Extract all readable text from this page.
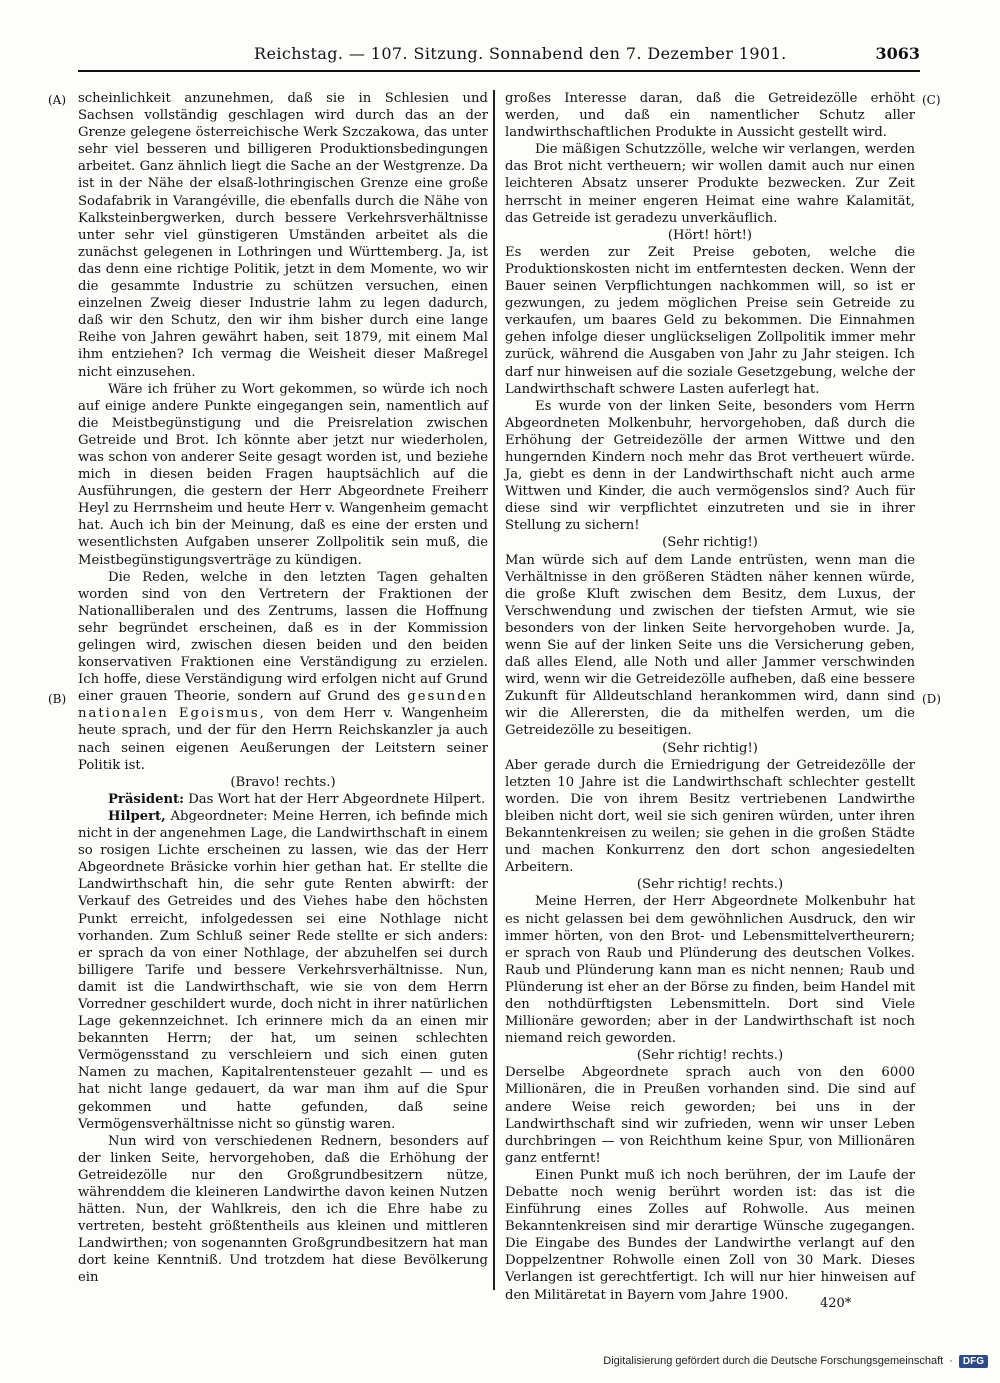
Reichstag. — 107. Sitzung. Sonnabend den 7. Dezember 1901.	3063
(A)
(B)
(C)
(D)

scheinlichkeit anzunehmen, daß sie in Schlesien und Sachsen vollständig geschlagen wird durch das an der Grenze gelegene österreichische Werk Szczakowa, das unter sehr viel besseren und billigeren Produktionsbedingungen arbeitet. Ganz ähnlich liegt die Sache an der Westgrenze. Da ist in der Nähe der elsaß-lothringischen Grenze eine große Sodafabrik in Varangéville, die ebenfalls durch die Nähe von Kalksteinbergwerken, durch bessere Verkehrsverhältnisse unter sehr viel günstigeren Umständen arbeitet als die zunächst gelegenen in Lothringen und Württemberg. Ja, ist das denn eine richtige Politik, jetzt in dem Momente, wo wir die gesammte Industrie zu schützen versuchen, einen einzelnen Zweig dieser Industrie lahm zu legen dadurch, daß wir den Schutz, den wir ihm bisher durch eine lange Reihe von Jahren gewährt haben, seit 1879, mit einem Mal ihm entziehen? Ich vermag die Weisheit dieser Maßregel nicht einzusehen.

Wäre ich früher zu Wort gekommen, so würde ich noch auf einige andere Punkte eingegangen sein, namentlich auf die Meistbegünstigung und die Preisrelation zwischen Getreide und Brot. Ich könnte aber jetzt nur wiederholen, was schon von anderer Seite gesagt worden ist, und beziehe mich in diesen beiden Fragen hauptsächlich auf die Ausführungen, die gestern der Herr Abgeordnete Freiherr Heyl zu Herrnsheim und heute Herr v. Wangenheim gemacht hat. Auch ich bin der Meinung, daß es eine der ersten und wesentlichsten Aufgaben unserer Zollpolitik sein muß, die Meistbegünstigungsverträge zu kündigen.

Die Reden, welche in den letzten Tagen gehalten worden sind von den Vertretern der Fraktionen der Nationalliberalen und des Zentrums, lassen die Hoffnung sehr begründet erscheinen, daß es in der Kommission gelingen wird, zwischen diesen beiden und den beiden konservativen Fraktionen eine Verständigung zu erzielen. Ich hoffe, diese Verständigung wird erfolgen nicht auf Grund einer grauen Theorie, sondern auf Grund des gesunden nationalen Egoismus, von dem Herr v. Wangenheim heute sprach, und der für den Herrn Reichskanzler ja auch nach seinen eigenen Aeußerungen der Leitstern seiner Politik ist.

(Bravo! rechts.)

Präsident: Das Wort hat der Herr Abgeordnete Hilpert.

Hilpert, Abgeordneter: Meine Herren, ich befinde mich nicht in der angenehmen Lage, die Landwirthschaft in einem so rosigen Lichte erscheinen zu lassen, wie das der Herr Abgeordnete Bräsicke vorhin hier gethan hat. Er stellte die Landwirthschaft hin, die sehr gute Renten abwirft: der Verkauf des Getreides und des Viehes habe den höchsten Punkt erreicht, infolgedessen sei eine Nothlage nicht vorhanden. Zum Schluß seiner Rede stellte er sich anders: er sprach da von einer Nothlage, der abzuhelfen sei durch billigere Tarife und bessere Verkehrsverhältnisse. Nun, damit ist die Landwirthschaft, wie sie von dem Herrn Vorredner geschildert wurde, doch nicht in ihrer natürlichen Lage gekennzeichnet. Ich erinnere mich da an einen mir bekannten Herrn; der hat, um seinen schlechten Vermögensstand zu verschleiern und sich einen guten Namen zu machen, Kapitalrentensteuer gezahlt — und es hat nicht lange gedauert, da war man ihm auf die Spur gekommen und hatte gefunden, daß seine Vermögensverhältnisse nicht so günstig waren.

Nun wird von verschiedenen Rednern, besonders auf der linken Seite, hervorgehoben, daß die Erhöhung der Getreidezölle nur den Großgrundbesitzern nütze, währenddem die kleineren Landwirthe davon keinen Nutzen hätten. Nun, der Wahlkreis, den ich die Ehre habe zu vertreten, besteht größtentheils aus kleinen und mittleren Landwirthen; von sogenannten Großgrundbesitzern hat man dort keine Kenntniß. Und trotzdem hat diese Bevölkerung ein

großes Interesse daran, daß die Getreidezölle erhöht werden, und daß ein namentlicher Schutz aller landwirthschaftlichen Produkte in Aussicht gestellt wird.

Die mäßigen Schutzzölle, welche wir verlangen, werden das Brot nicht vertheuern; wir wollen damit auch nur einen leichteren Absatz unserer Produkte bezwecken. Zur Zeit herrscht in meiner engeren Heimat eine wahre Kalamität, das Getreide ist geradezu unverkäuflich.

(Hört! hört!)

Es werden zur Zeit Preise geboten, welche die Produktionskosten nicht im entferntesten decken. Wenn der Bauer seinen Verpflichtungen nachkommen will, so ist er gezwungen, zu jedem möglichen Preise sein Getreide zu verkaufen, um baares Geld zu bekommen. Die Einnahmen gehen infolge dieser unglückseligen Zollpolitik immer mehr zurück, während die Ausgaben von Jahr zu Jahr steigen. Ich darf nur hinweisen auf die soziale Gesetzgebung, welche der Landwirthschaft schwere Lasten auferlegt hat.

Es wurde von der linken Seite, besonders vom Herrn Abgeordneten Molkenbuhr, hervorgehoben, daß durch die Erhöhung der Getreidezölle der armen Wittwe und den hungernden Kindern noch mehr das Brot vertheuert würde. Ja, giebt es denn in der Landwirthschaft nicht auch arme Wittwen und Kinder, die auch vermögenslos sind? Auch für diese sind wir verpflichtet einzutreten und sie in ihrer Stellung zu sichern!

(Sehr richtig!)

Man würde sich auf dem Lande entrüsten, wenn man die Verhältnisse in den größeren Städten näher kennen würde, die große Kluft zwischen dem Besitz, dem Luxus, der Verschwendung und zwischen der tiefsten Armut, wie sie besonders von der linken Seite hervorgehoben wurde. Ja, wenn Sie auf der linken Seite uns die Versicherung geben, daß alles Elend, alle Noth und aller Jammer verschwinden wird, wenn wir die Getreidezölle aufheben, daß eine bessere Zukunft für Alldeutschland herankommen wird, dann sind wir die Allerersten, die da mithelfen werden, um die Getreidezölle zu beseitigen.

(Sehr richtig!)

Aber gerade durch die Erniedrigung der Getreidezölle der letzten 10 Jahre ist die Landwirthschaft schlechter gestellt worden. Die von ihrem Besitz vertriebenen Landwirthe bleiben nicht dort, weil sie sich geniren würden, unter ihren Bekanntenkreisen zu weilen; sie gehen in die großen Städte und machen Konkurrenz den dort schon angesiedelten Arbeitern.

(Sehr richtig! rechts.)

Meine Herren, der Herr Abgeordnete Molkenbuhr hat es nicht gelassen bei dem gewöhnlichen Ausdruck, den wir immer hörten, von den Brot- und Lebensmittelvertheurern; er sprach von Raub und Plünderung des deutschen Volkes. Raub und Plünderung kann man es nicht nennen; Raub und Plünderung ist eher an der Börse zu finden, beim Handel mit den nothdürftigsten Lebensmitteln. Dort sind Viele Millionäre geworden; aber in der Landwirthschaft ist noch niemand reich geworden.

(Sehr richtig! rechts.)

Derselbe Abgeordnete sprach auch von den 6000 Millionären, die in Preußen vorhanden sind. Die sind auf andere Weise reich geworden; bei uns in der Landwirthschaft sind wir zufrieden, wenn wir unser Leben durchbringen — von Reichthum keine Spur, von Millionären ganz entfernt!

Einen Punkt muß ich noch berühren, der im Laufe der Debatte noch wenig berührt worden ist: das ist die Einführung eines Zolles auf Rohwolle. Aus meinen Bekanntenkreisen sind mir derartige Wünsche zugegangen. Die Eingabe des Bundes der Landwirthe verlangt auf den Doppelzentner Rohwolle einen Zoll von 30 Mark. Dieses Verlangen ist gerechtfertigt. Ich will nur hier hinweisen auf den Militäretat in Bayern vom Jahre 1900.

420*
Digitalisierung gefördert durch die Deutsche Forschungsgemeinschaft ·	DFG
